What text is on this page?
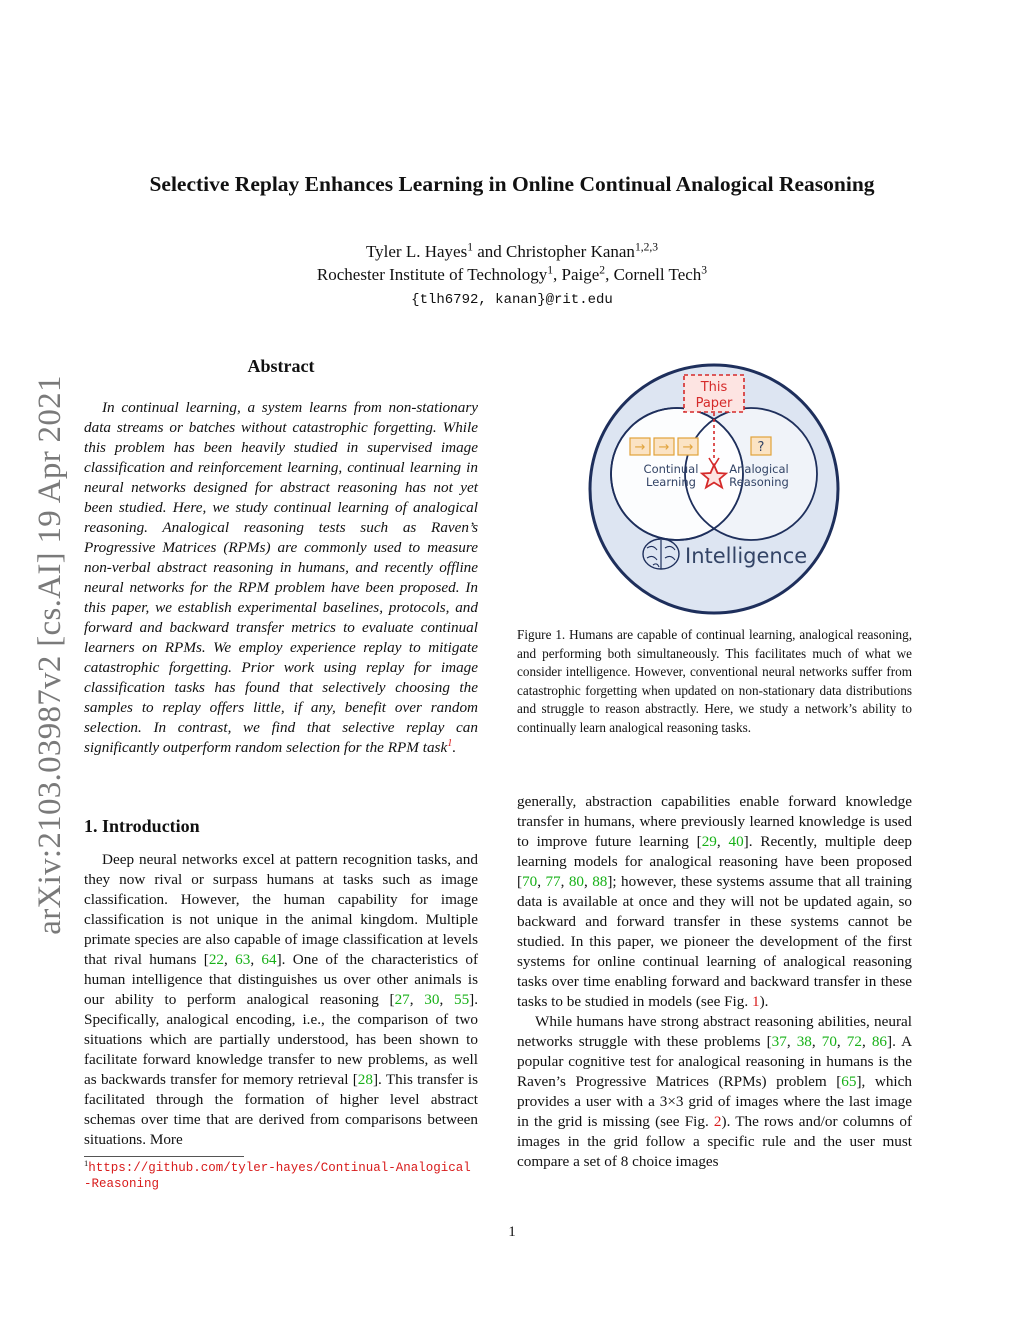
arXiv:2103.03987v2 [cs.AI] 19 Apr 2021
Selective Replay Enhances Learning in Online Continual Analogical Reasoning
Tyler L. Hayes$^1$ and Christopher Kanan$^{1,2,3}$
Rochester Institute of Technology$^1$, Paige$^2$, Cornell Tech$^3$
{tlh6792, kanan}@rit.edu
Abstract

In continual learning, a system learns from non-stationary data streams or batches without catastrophic forgetting. While this problem has been heavily studied in supervised image classification and reinforcement learning, continual learning in neural networks designed for abstract reasoning has not yet been studied. Here, we study continual learning of analogical reasoning. Analogical reasoning tests such as Raven’s Progressive Matrices (RPMs) are commonly used to measure non-verbal abstract reasoning in humans, and recently offline neural networks for the RPM problem have been proposed. In this paper, we establish experimental baselines, protocols, and forward and backward transfer metrics to evaluate continual learners on RPMs. We employ experience replay to mitigate catastrophic forgetting. Prior work using replay for image classification tasks has found that selectively choosing the samples to replay offers little, if any, benefit over random selection. In contrast, we find that selective replay can significantly outperform random selection for the RPM task$^1$.

This
Paper
→ → →	?
Continual
Learning
Analogical
Reasoning
Intelligence
Figure 1. Humans are capable of continual learning, analogical reasoning, and performing both simultaneously. This facilitates much of what we consider intelligence. However, conventional neural networks suffer from catastrophic forgetting when updated on non-stationary data distributions and struggle to reason abstractly. Here, we study a network’s ability to continually learn analogical reasoning tasks.
1. Introduction

Deep neural networks excel at pattern recognition tasks, and they now rival or surpass humans at tasks such as image classification. However, the human capability for image classification is not unique in the animal kingdom. Multiple primate species are also capable of image classification at levels that rival humans [22, 63, 64]. One of the characteristics of human intelligence that distinguishes us over other animals is our ability to perform analogical reasoning [27, 30, 55]. Specifically, analogical encoding, i.e., the comparison of two situations which are partially understood, has been shown to facilitate forward knowledge transfer to new problems, as well as backwards transfer for memory retrieval [28]. This transfer is facilitated through the formation of higher level abstract schemas over time that are derived from comparisons between situations. More

$^1$https://github.com/tyler-hayes/Continual-Analogical-Reasoning

generally, abstraction capabilities enable forward knowledge transfer in humans, where previously learned knowledge is used to improve future learning [29, 40]. Recently, multiple deep learning models for analogical reasoning have been proposed [70, 77, 80, 88]; however, these systems assume that all training data is available at once and they will not be updated again, so backward and forward transfer in these systems cannot be studied. In this paper, we pioneer the development of the first systems for online continual learning of analogical reasoning tasks over time enabling forward and backward transfer in these tasks to be studied in models (see Fig. 1).

While humans have strong abstract reasoning abilities, neural networks struggle with these problems [37, 38, 70, 72, 86]. A popular cognitive test for analogical reasoning in humans is the Raven’s Progressive Matrices (RPMs) problem [65], which provides a user with a 3×3 grid of images where the last image in the grid is missing (see Fig. 2). The rows and/or columns of images in the grid follow a specific rule and the user must compare a set of 8 choice images

1
